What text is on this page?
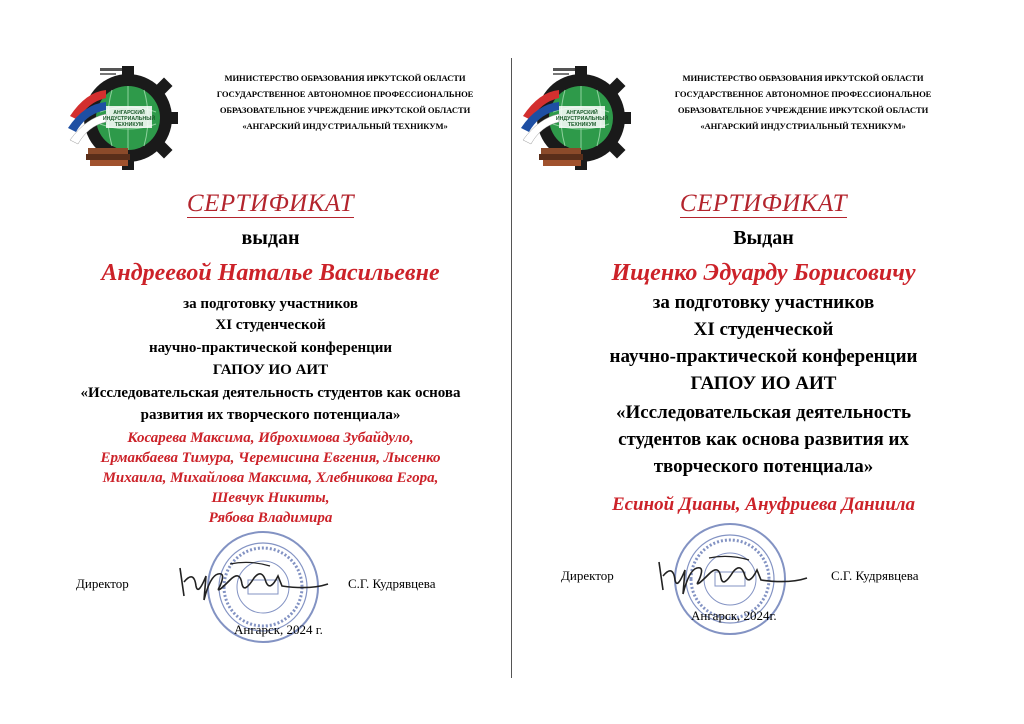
АНГАРСКИЙ
ИНДУСТРИАЛЬНЫЙ
ТЕХНИКУМ
МИНИСТЕРСТВО ОБРАЗОВАНИЯ ИРКУТСКОЙ ОБЛАСТИ
ГОСУДАРСТВЕННОЕ АВТОНОМНОЕ ПРОФЕССИОНАЛЬНОЕ
ОБРАЗОВАТЕЛЬНОЕ УЧРЕЖДЕНИЕ ИРКУТСКОЙ ОБЛАСТИ
«АНГАРСКИЙ ИНДУСТРИАЛЬНЫЙ ТЕХНИКУМ»
СЕРТИФИКАТ
выдан
Андреевой Наталье Васильевне
за подготовку участников
XI студенческой
научно-практической конференции
ГАПОУ ИО АИТ
«Исследовательская деятельность студентов как основа
развития их творческого потенциала»
Косарева Максима, Иброхимова Зубайдуло,
Ермакбаева Тимура, Черемисина Евгения, Лысенко
Михаила, Михайлова Максима, Хлебникова Егора,
Шевчук Никиты,
Рябова Владимира
Директор	С.Г. Кудрявцева
Ангарск, 2024 г.
АНГАРСКИЙ
ИНДУСТРИАЛЬНЫЙ
ТЕХНИКУМ
МИНИСТЕРСТВО ОБРАЗОВАНИЯ ИРКУТСКОЙ ОБЛАСТИ
ГОСУДАРСТВЕННОЕ АВТОНОМНОЕ ПРОФЕССИОНАЛЬНОЕ
ОБРАЗОВАТЕЛЬНОЕ УЧРЕЖДЕНИЕ ИРКУТСКОЙ ОБЛАСТИ
«АНГАРСКИЙ ИНДУСТРИАЛЬНЫЙ ТЕХНИКУМ»
СЕРТИФИКАТ
Выдан
Ищенко Эдуарду Борисовичу
за подготовку участников
XI студенческой
научно-практической конференции
ГАПОУ ИО АИТ
«Исследовательская деятельность
студентов как основа развития их
творческого потенциала»
Есиной Дианы, Ануфриева Даниила
Директор	С.Г. Кудрявцева
Ангарск, 2024г.
